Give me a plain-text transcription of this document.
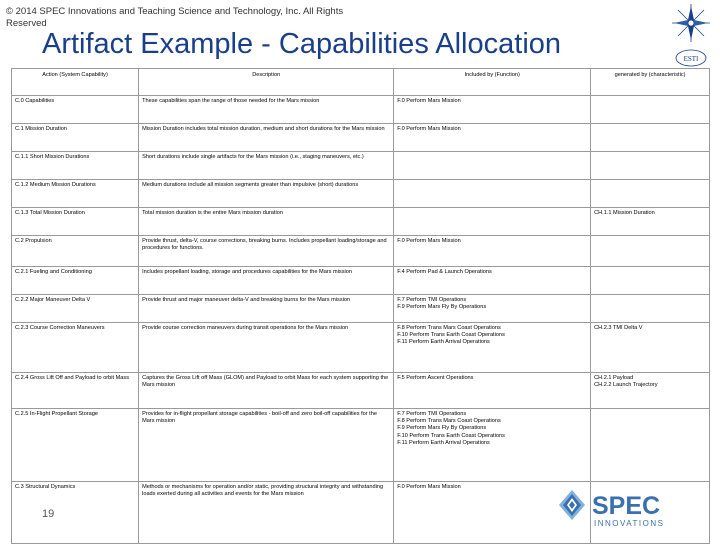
© 2014 SPEC Innovations and Teaching Science and Technology, Inc. All Rights Reserved
Artifact Example - Capabilities Allocation	ESTI
Action (System Capability)	Description	Included by (Function)	generated by (characteristic)
C.0 Capabilities	These capabilities span the range of those needed for the Mars mission	F.0 Perform Mars Mission	
C.1 Mission Duration	Mission Duration includes total mission duration, medium and short durations for the Mars mission	F.0 Perform Mars Mission	
C.1.1 Short Mission Durations	Short durations include single artifacts for the Mars mission (i.e., staging maneuvers, etc.)		
C.1.2 Medium Mission Durations	Medium durations include all mission segments greater than impulsive (short) durations		
C.1.3 Total Mission Duration	Total mission duration is the entire Mars mission duration		CH.1.1 Mission Duration
C.2 Propulsion	Provide thrust, delta-V, course corrections, breaking burns. Includes propellant loading/storage and procedures for functions.	F.0 Perform Mars Mission	
C.2.1 Fueling and Conditioning	Includes propellant loading, storage and procedures capabilities for the Mars mission	F.4 Perform Pad & Launch Operations	
C.2.2 Major Maneuver Delta V	Provide thrust and major maneuver delta-V and breaking burns for the Mars mission	F.7 Perform TMI Operations
F.9 Perform Mars Fly By Operations	
C.2.3 Course Correction Maneuvers	Provide course correction maneuvers during transit operations for the Mars mission	F.8 Perform Trans Mars Coast Operations
F.10 Perform Trans Earth Coast Operations
F.11 Perform Earth Arrival Operations	CH.2.3 TMI Delta V
C.2.4 Gross Lift Off and Payload to orbit Mass	Captures the Gross Lift off Mass (GLOM) and Payload to orbit Mass for each system supporting the Mars mission	F.5 Perform Ascent Operations	CH.2.1 Payload
CH.2.2 Launch Trajectory
C.2.5 In-Flight Propellant Storage	Provides for in-flight propellant storage capabilities - boil-off and zero boil-off capabilities for the Mars mission	F.7 Perform TMI Operations
F.8 Perform Trans Mars Coast Operations
F.9 Perform Mars Fly By Operations
F.10 Perform Trans Earth Coast Operations
F.11 Perform Earth Arrival Operations	
C.3 Structural Dynamics	Methods or mechanisms for operation and/or static, providing structural integrity and withstanding loads exerted during all activities and events for the Mars mission	F.0 Perform Mars Mission	
19	SPEC
INNOVATIONS
